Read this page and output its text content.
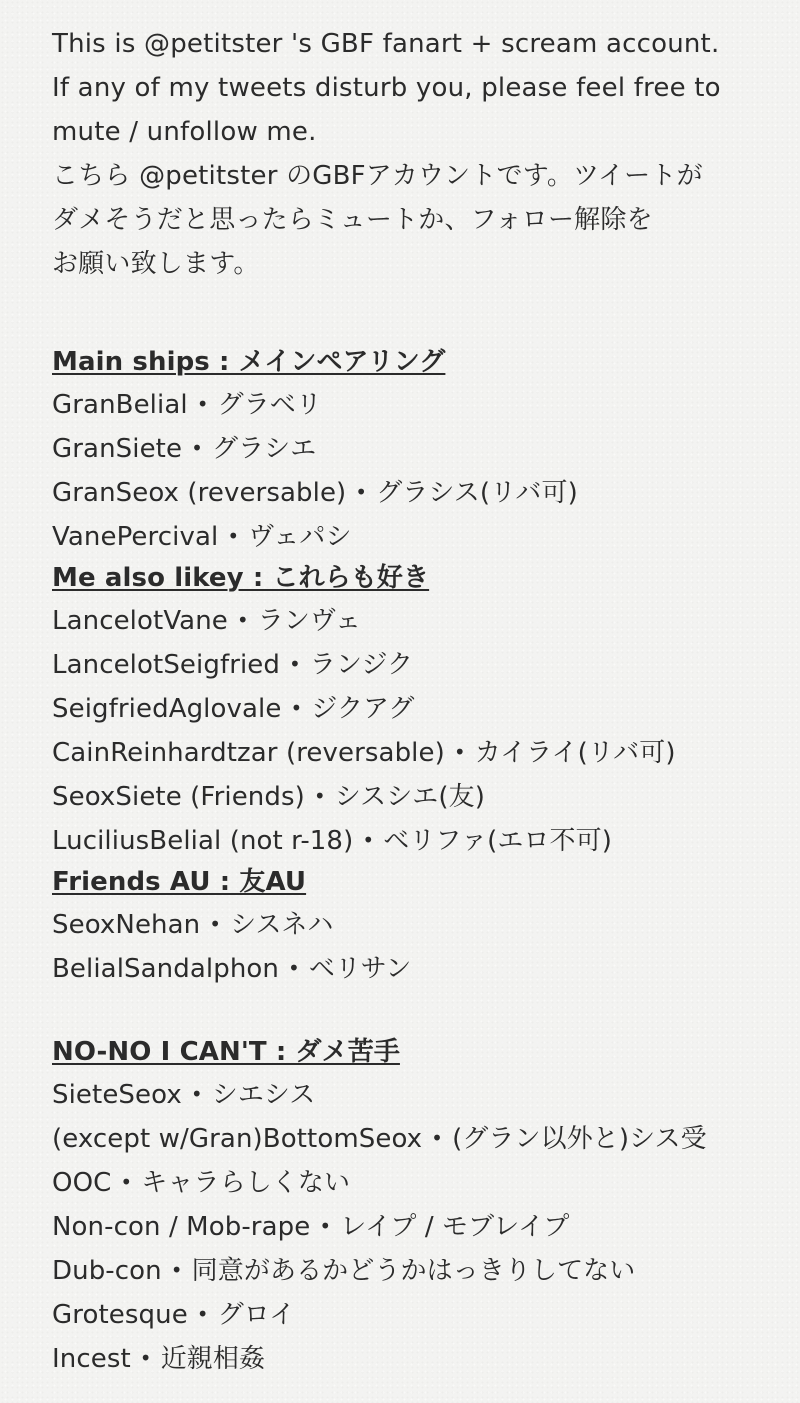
This is @petitster 's GBF fanart + scream account.
If any of my tweets disturb you, please feel free to
mute / unfollow me.
こちら @petitster のGBFアカウントです。ツイートが
ダメそうだと思ったらミュートか、フォロー解除を
お願い致します。
Main ships : メインペアリング
GranBelial • グラベリ
GranSiete • グラシエ
GranSeox (reversable) • グラシス(リバ可)
VanePercival • ヴェパシ
Me also likey : これらも好き
LancelotVane • ランヴェ
LancelotSeigfried • ランジク
SeigfriedAglovale • ジクアグ
CainReinhardtzar (reversable) • カイライ(リバ可)
SeoxSiete (Friends) • シスシエ(友)
LuciliusBelial (not r-18) • ベリファ(エロ不可)
Friends AU : 友AU
SeoxNehan • シスネハ
BelialSandalphon • ベリサン
NO-NO I CAN'T : ダメ苦手
SieteSeox • シエシス
(except w/Gran)BottomSeox • (グラン以外と)シス受
OOC • キャラらしくない
Non-con / Mob-rape • レイプ / モブレイプ
Dub-con • 同意があるかどうかはっきりしてない
Grotesque • グロイ
Incest • 近親相姦
